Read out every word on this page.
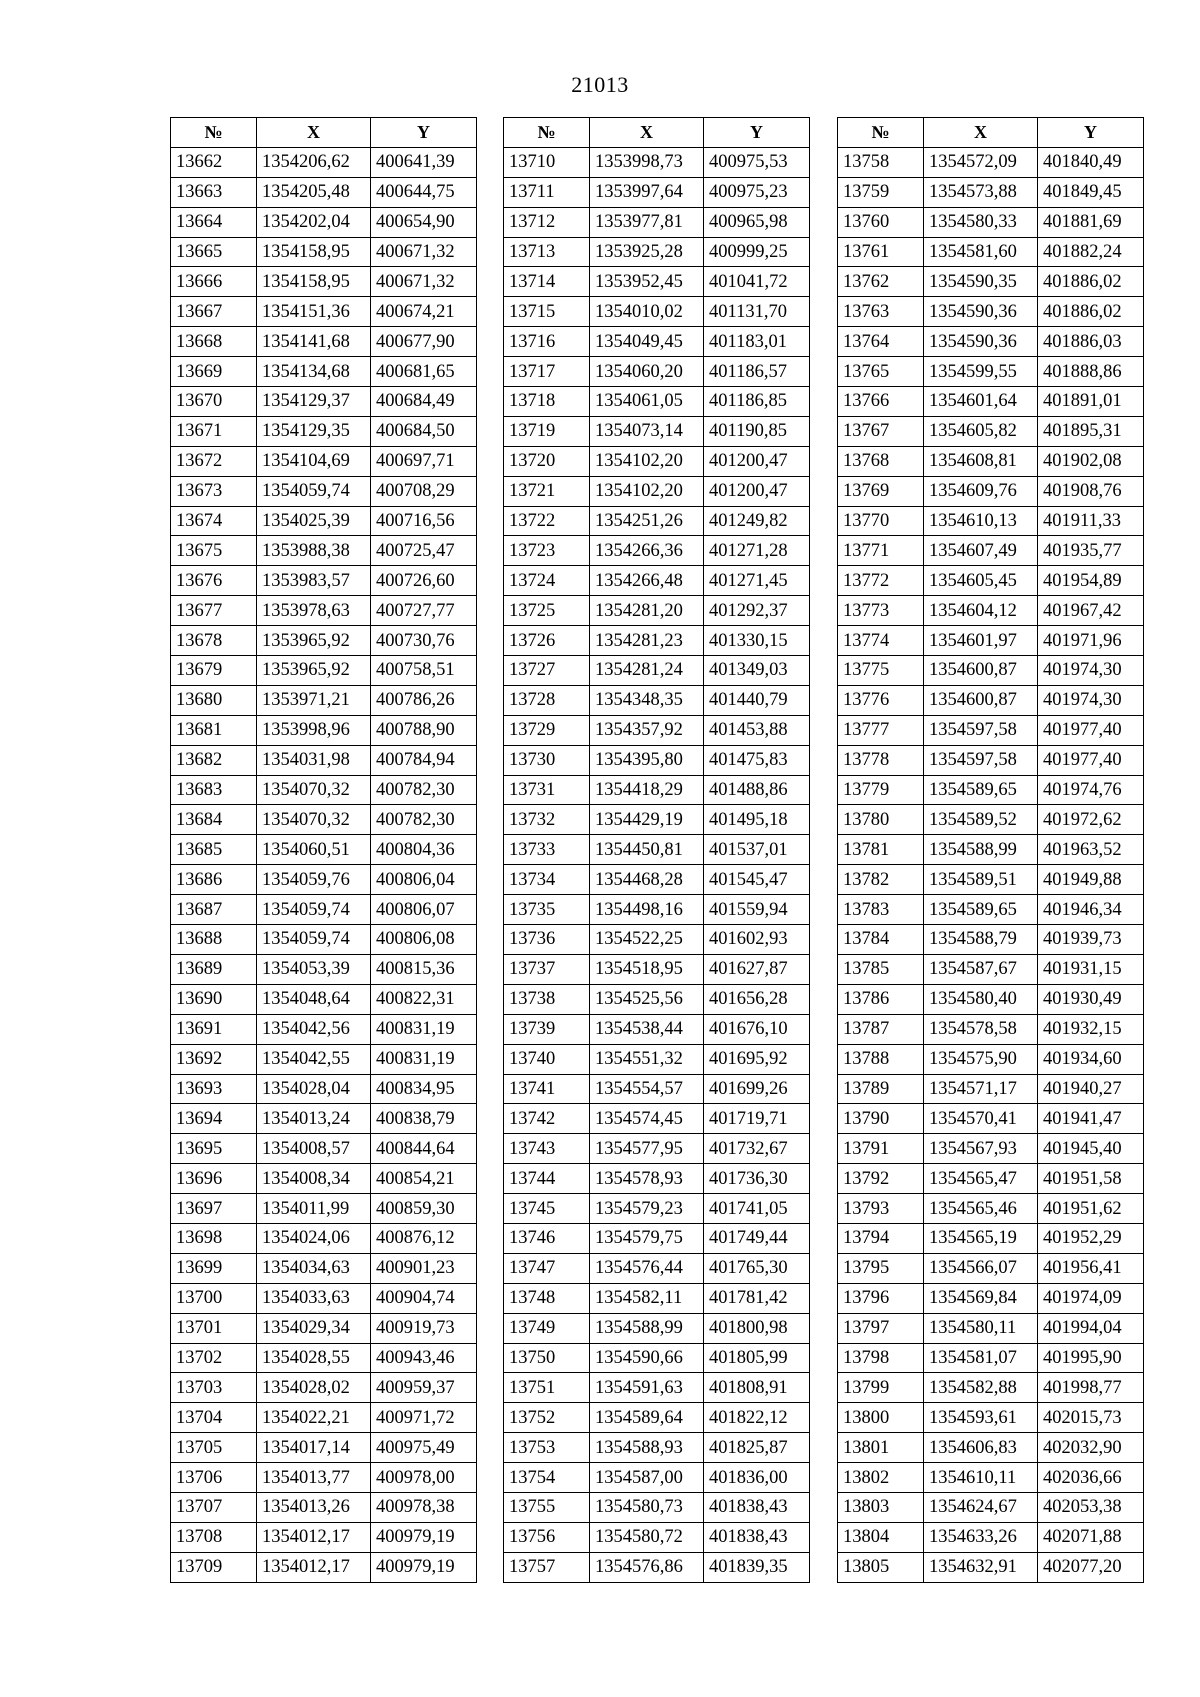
21013
№	X	Y
13662	1354206,62	400641,39
13663	1354205,48	400644,75
13664	1354202,04	400654,90
13665	1354158,95	400671,32
13666	1354158,95	400671,32
13667	1354151,36	400674,21
13668	1354141,68	400677,90
13669	1354134,68	400681,65
13670	1354129,37	400684,49
13671	1354129,35	400684,50
13672	1354104,69	400697,71
13673	1354059,74	400708,29
13674	1354025,39	400716,56
13675	1353988,38	400725,47
13676	1353983,57	400726,60
13677	1353978,63	400727,77
13678	1353965,92	400730,76
13679	1353965,92	400758,51
13680	1353971,21	400786,26
13681	1353998,96	400788,90
13682	1354031,98	400784,94
13683	1354070,32	400782,30
13684	1354070,32	400782,30
13685	1354060,51	400804,36
13686	1354059,76	400806,04
13687	1354059,74	400806,07
13688	1354059,74	400806,08
13689	1354053,39	400815,36
13690	1354048,64	400822,31
13691	1354042,56	400831,19
13692	1354042,55	400831,19
13693	1354028,04	400834,95
13694	1354013,24	400838,79
13695	1354008,57	400844,64
13696	1354008,34	400854,21
13697	1354011,99	400859,30
13698	1354024,06	400876,12
13699	1354034,63	400901,23
13700	1354033,63	400904,74
13701	1354029,34	400919,73
13702	1354028,55	400943,46
13703	1354028,02	400959,37
13704	1354022,21	400971,72
13705	1354017,14	400975,49
13706	1354013,77	400978,00
13707	1354013,26	400978,38
13708	1354012,17	400979,19
13709	1354012,17	400979,19
№	X	Y
13710	1353998,73	400975,53
13711	1353997,64	400975,23
13712	1353977,81	400965,98
13713	1353925,28	400999,25
13714	1353952,45	401041,72
13715	1354010,02	401131,70
13716	1354049,45	401183,01
13717	1354060,20	401186,57
13718	1354061,05	401186,85
13719	1354073,14	401190,85
13720	1354102,20	401200,47
13721	1354102,20	401200,47
13722	1354251,26	401249,82
13723	1354266,36	401271,28
13724	1354266,48	401271,45
13725	1354281,20	401292,37
13726	1354281,23	401330,15
13727	1354281,24	401349,03
13728	1354348,35	401440,79
13729	1354357,92	401453,88
13730	1354395,80	401475,83
13731	1354418,29	401488,86
13732	1354429,19	401495,18
13733	1354450,81	401537,01
13734	1354468,28	401545,47
13735	1354498,16	401559,94
13736	1354522,25	401602,93
13737	1354518,95	401627,87
13738	1354525,56	401656,28
13739	1354538,44	401676,10
13740	1354551,32	401695,92
13741	1354554,57	401699,26
13742	1354574,45	401719,71
13743	1354577,95	401732,67
13744	1354578,93	401736,30
13745	1354579,23	401741,05
13746	1354579,75	401749,44
13747	1354576,44	401765,30
13748	1354582,11	401781,42
13749	1354588,99	401800,98
13750	1354590,66	401805,99
13751	1354591,63	401808,91
13752	1354589,64	401822,12
13753	1354588,93	401825,87
13754	1354587,00	401836,00
13755	1354580,73	401838,43
13756	1354580,72	401838,43
13757	1354576,86	401839,35
№	X	Y
13758	1354572,09	401840,49
13759	1354573,88	401849,45
13760	1354580,33	401881,69
13761	1354581,60	401882,24
13762	1354590,35	401886,02
13763	1354590,36	401886,02
13764	1354590,36	401886,03
13765	1354599,55	401888,86
13766	1354601,64	401891,01
13767	1354605,82	401895,31
13768	1354608,81	401902,08
13769	1354609,76	401908,76
13770	1354610,13	401911,33
13771	1354607,49	401935,77
13772	1354605,45	401954,89
13773	1354604,12	401967,42
13774	1354601,97	401971,96
13775	1354600,87	401974,30
13776	1354600,87	401974,30
13777	1354597,58	401977,40
13778	1354597,58	401977,40
13779	1354589,65	401974,76
13780	1354589,52	401972,62
13781	1354588,99	401963,52
13782	1354589,51	401949,88
13783	1354589,65	401946,34
13784	1354588,79	401939,73
13785	1354587,67	401931,15
13786	1354580,40	401930,49
13787	1354578,58	401932,15
13788	1354575,90	401934,60
13789	1354571,17	401940,27
13790	1354570,41	401941,47
13791	1354567,93	401945,40
13792	1354565,47	401951,58
13793	1354565,46	401951,62
13794	1354565,19	401952,29
13795	1354566,07	401956,41
13796	1354569,84	401974,09
13797	1354580,11	401994,04
13798	1354581,07	401995,90
13799	1354582,88	401998,77
13800	1354593,61	402015,73
13801	1354606,83	402032,90
13802	1354610,11	402036,66
13803	1354624,67	402053,38
13804	1354633,26	402071,88
13805	1354632,91	402077,20
